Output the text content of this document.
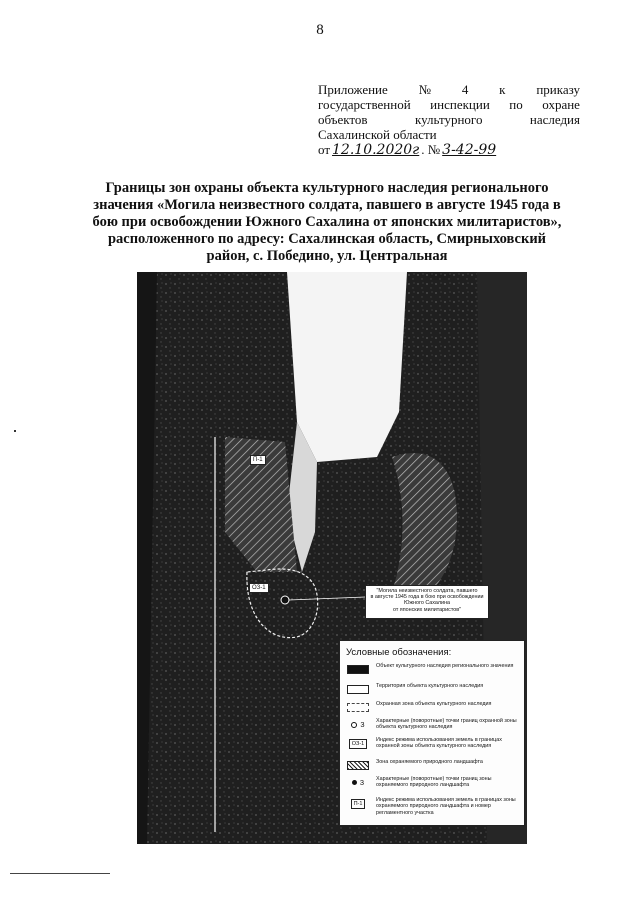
8
Приложение № 4 к приказу
государственной инспекции по охране
объектов	культурного	наследия
Сахалинской области
от 12.10.2020г . № 3-42-99
Границы зон охраны объекта культурного наследия регионального
значения «Могила неизвестного солдата, павшего в августе 1945 года в
бою при освобождении Южного Сахалина от японских милитаристов»,
расположенного по адресу: Сахалинская область, Смирныховский
район, с. Победино, ул. Центральная
П-1
ОЗ-1	"Могила неизвестного солдата, павшего
в августе 1945 года в бою при освобождении
Южного Сахалина
от японских милитаристов"
Условные обозначения:
Объект культурного наследия регионального значения
Территория объекта культурного наследия
Охранная зона объекта культурного наследия
3 Характерные (поворотные) точки границ охранной зоны объекта культурного наследия
ОЗ-1
Индекс режима использования земель в границах охранной зоны объекта культурного наследия
Зона охраняемого природного ландшафта
3 Характерные (поворотные) точки границ зоны охраняемого природного ландшафта
П-1
Индекс режима использования земель в границах зоны охраняемого природного ландшафта и номер регламентного участка
